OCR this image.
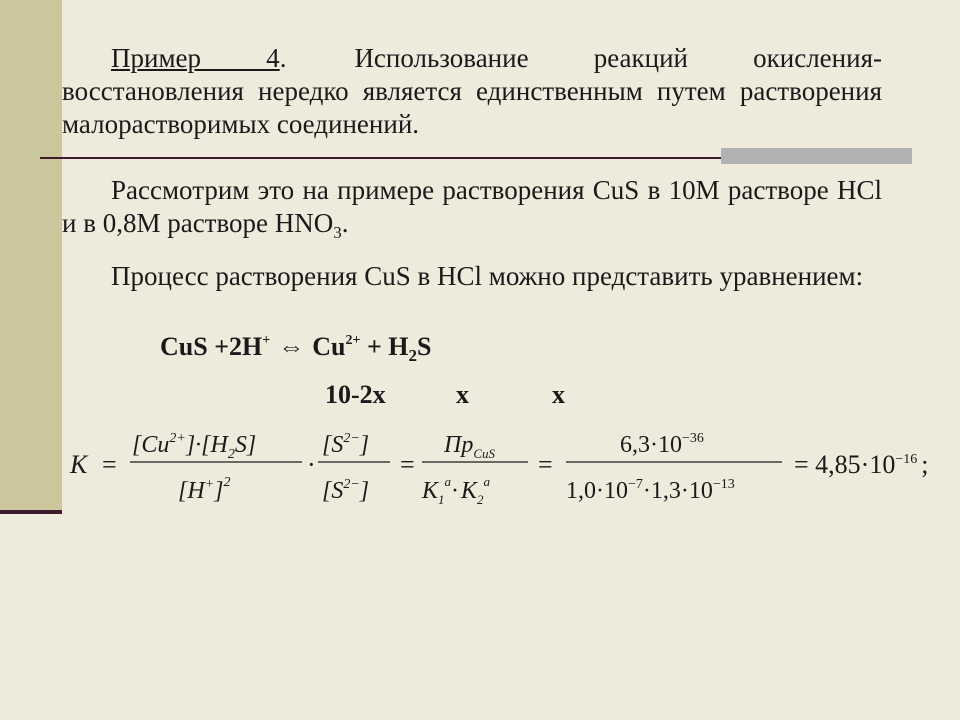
Пример 4.	Использование реакций окисления-восстановления нередко является единственным путем растворения малорастворимых соединений.
Рассмотрим это на примере растворения CuS в 10M растворе HCl и в 0,8M растворе $HNO_3$.
Процесс растворения CuS в HCl можно представить уравнением:
CuS +2H+ ⇔ $Cu^{2+} + H_2S$
10-2x	x	x
K =
$[Cu^{2+}]\cdot[H_2S]$
$[H^+]^2$
·
$[S^{2-}]$
$[S^{2-}]$
=
$Пр_{CuS}$
$K_1^a\cdot K_2^a$
=
$6,3\cdot 10^{-36}$
$1,0\cdot 10^{-7}\cdot 1,3\cdot 10^{-13}$
= $4,85\cdot 10^{-16}$ ;
